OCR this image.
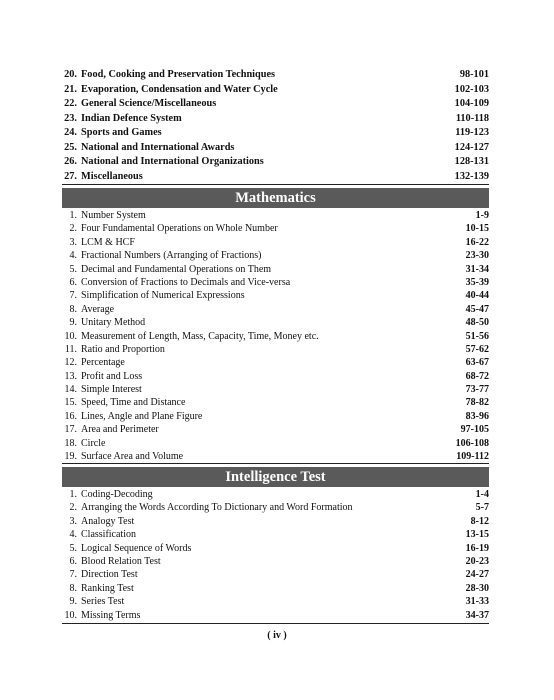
20. Food, Cooking and Preservation Techniques	98-101
21. Evaporation, Condensation and Water Cycle	102-103
22. General Science/Miscellaneous	104-109
23. Indian Defence System	110-118
24. Sports and Games	119-123
25. National and International Awards	124-127
26. National and International Organizations	128-131
27. Miscellaneous	132-139
Mathematics
1. Number System	1-9
2. Four Fundamental Operations on Whole Number	10-15
3. LCM & HCF	16-22
4. Fractional Numbers (Arranging of Fractions)	23-30
5. Decimal and Fundamental Operations on Them	31-34
6. Conversion of Fractions to Decimals and Vice-versa	35-39
7. Simplification of Numerical Expressions	40-44
8. Average	45-47
9. Unitary Method	48-50
10. Measurement of Length, Mass, Capacity, Time, Money etc.	51-56
11. Ratio and Proportion	57-62
12. Percentage	63-67
13. Profit and Loss	68-72
14. Simple Interest	73-77
15. Speed, Time and Distance	78-82
16. Lines, Angle and Plane Figure	83-96
17. Area and Perimeter	97-105
18. Circle	106-108
19. Surface Area and Volume	109-112
Intelligence Test
1. Coding-Decoding	1-4
2. Arranging the Words According To Dictionary and Word Formation	5-7
3. Analogy Test	8-12
4. Classification	13-15
5. Logical Sequence of Words	16-19
6. Blood Relation Test	20-23
7. Direction Test	24-27
8. Ranking Test	28-30
9. Series Test	31-33
10. Missing Terms	34-37
( iv )
